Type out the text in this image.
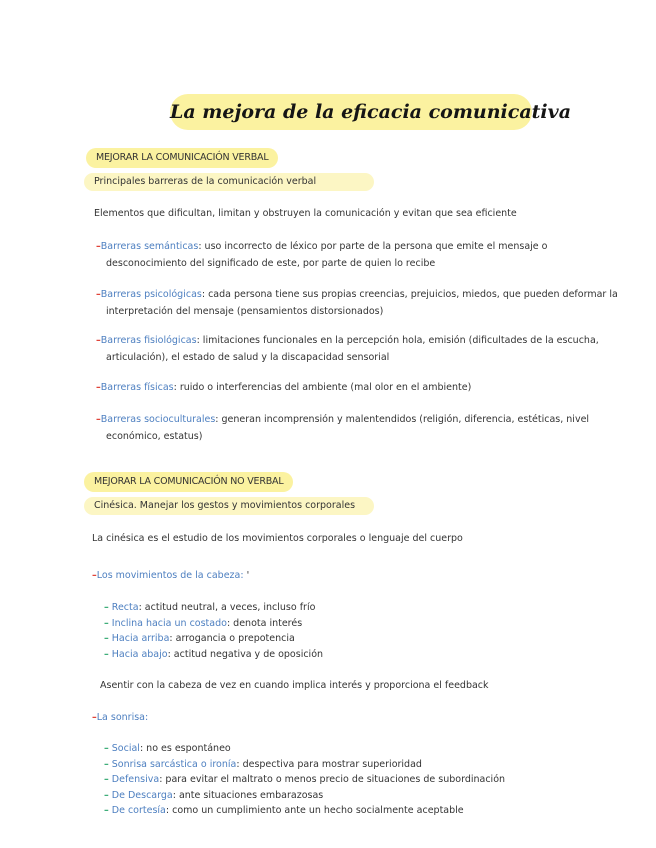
La mejora de la eficacia comunicativa
MEJORAR LA COMUNICACIÓN VERBAL
Principales barreras de la comunicación verbal
Elementos que dificultan, limitan y obstruyen la comunicación y evitan que sea eficiente
–Barreras semánticas: uso incorrecto de léxico por parte de la persona que emite el mensaje o
desconocimiento del significado de este, por parte de quien lo recibe
–Barreras psicológicas: cada persona tiene sus propias creencias, prejuicios, miedos, que pueden deformar la
interpretación del mensaje (pensamientos distorsionados)
–Barreras fisiológicas: limitaciones funcionales en la percepción hola, emisión (dificultades de la escucha,
articulación), el estado de salud y la discapacidad sensorial
–Barreras físicas: ruido o interferencias del ambiente (mal olor en el ambiente)
–Barreras socioculturales: generan incomprensión y malentendidos (religión, diferencia, estéticas, nivel
económico, estatus)
MEJORAR LA COMUNICACIÓN NO VERBAL
Cinésica. Manejar los gestos y movimientos corporales
La cinésica es el estudio de los movimientos corporales o lenguaje del cuerpo
–Los movimientos de la cabeza: '
– Recta: actitud neutral, a veces, incluso frío
– Inclina hacia un costado: denota interés
– Hacia arriba: arrogancia o prepotencia
– Hacia abajo: actitud negativa y de oposición
Asentir con la cabeza de vez en cuando implica interés y proporciona el feedback
–La sonrisa:
– Social: no es espontáneo
– Sonrisa sarcástica o ironía: despectiva para mostrar superioridad
– Defensiva: para evitar el maltrato o menos precio de situaciones de subordinación
– De Descarga: ante situaciones embarazosas
– De cortesía: como un cumplimiento ante un hecho socialmente aceptable
